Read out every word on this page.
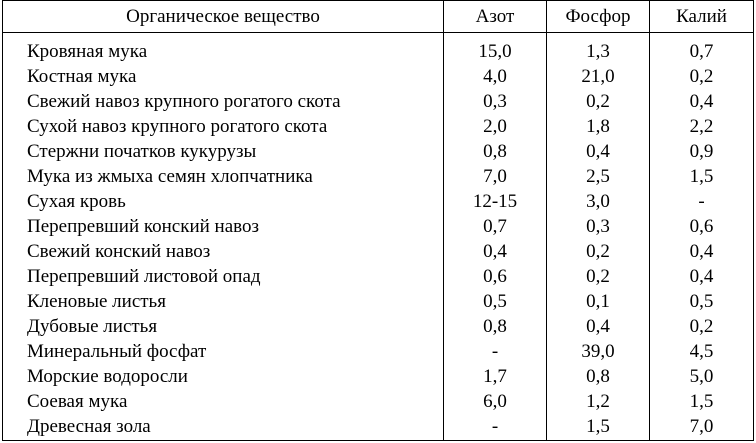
Органическое вещество	Азот	Фосфор	Калий
Кровяная мука	15,0	1,3	0,7
Костная мука	4,0	21,0	0,2
Свежий навоз крупного рогатого скота	0,3	0,2	0,4
Сухой навоз крупного рогатого скота	2,0	1,8	2,2
Стержни початков кукурузы	0,8	0,4	0,9
Мука из жмыха семян хлопчатника	7,0	2,5	1,5
Сухая кровь	12-15	3,0	-
Перепревший конский навоз	0,7	0,3	0,6
Свежий конский навоз	0,4	0,2	0,4
Перепревший листовой опад	0,6	0,2	0,4
Кленовые листья	0,5	0,1	0,5
Дубовые листья	0,8	0,4	0,2
Минеральный фосфат	-	39,0	4,5
Морские водоросли	1,7	0,8	5,0
Соевая мука	6,0	1,2	1,5
Древесная зола	-	1,5	7,0
